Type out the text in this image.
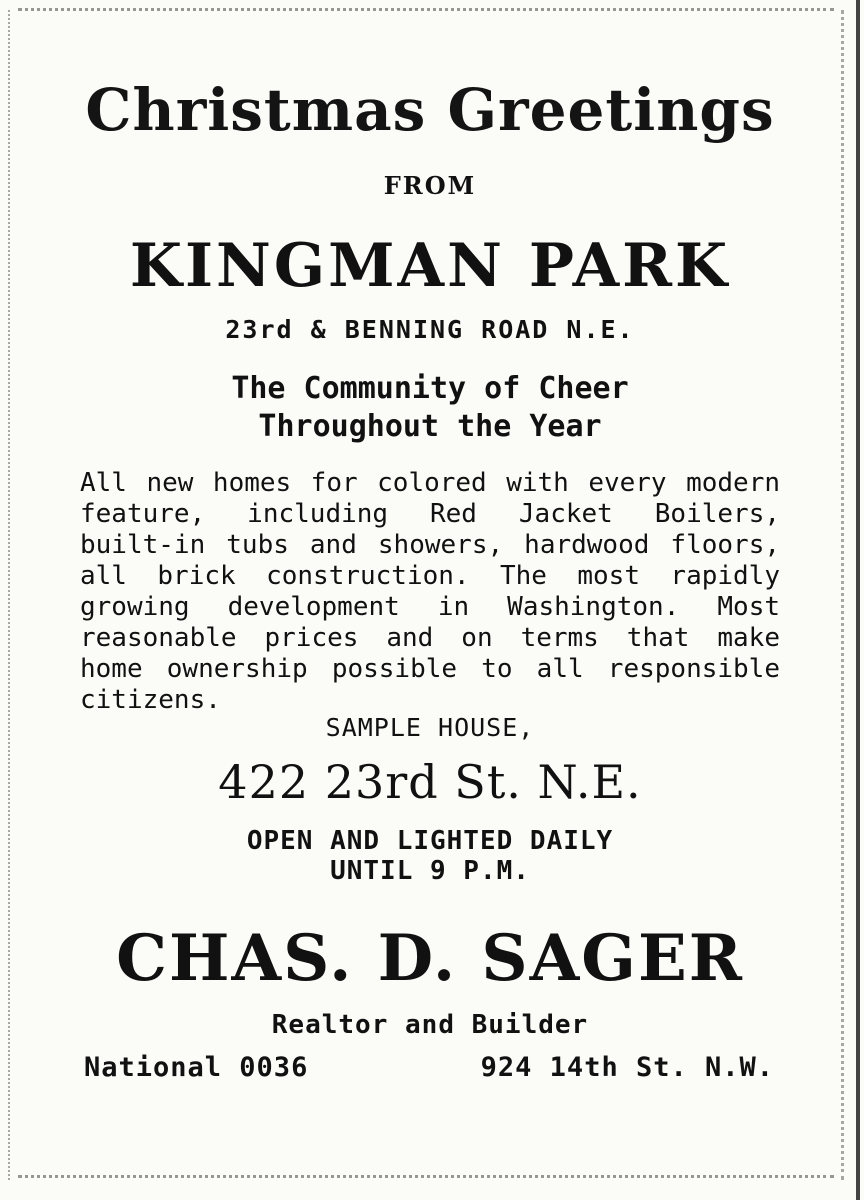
Christmas Greetings
FROM
KINGMAN PARK
23rd & BENNING ROAD N.E.
The Community of Cheer
Throughout the Year

All new homes for colored with every modern feature, including Red Jacket Boilers, built-in tubs and showers, hardwood floors, all brick construction. The most rapidly growing development in Washington. Most reasonable prices and on terms that make home ownership possible to all responsible citizens.

SAMPLE HOUSE,
422 23rd St. N.E.
OPEN AND LIGHTED DAILY
UNTIL 9 P.M.
CHAS. D. SAGER
Realtor and Builder
National 0036	924 14th St. N.W.
